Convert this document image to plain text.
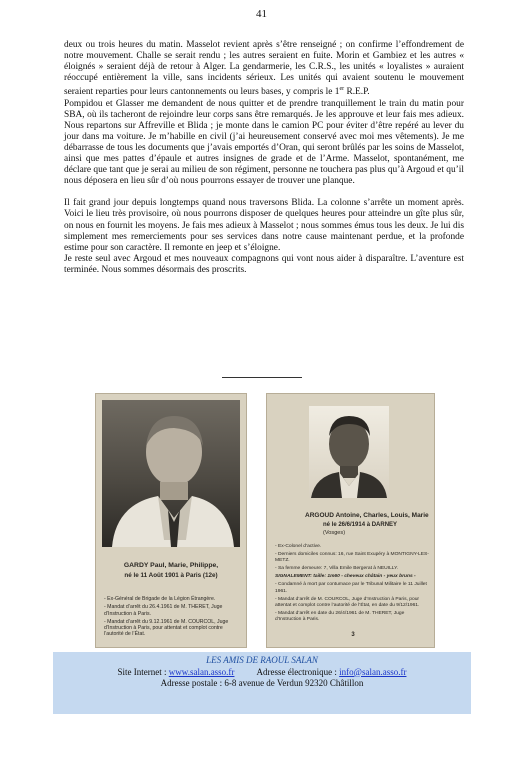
41

deux ou trois heures du matin. Masselot revient après s’être renseigné ; on confirme l’effondrement de notre mouvement. Challe se serait rendu ; les autres seraient en fuite. Morin et Gambiez et les autres « éloignés » seraient déjà de retour à Alger. La gendarmerie, les C.R.S., les unités « loyalistes » auraient réoccupé entièrement la ville, sans incidents sérieux. Les unités qui avaient soutenu le mouvement seraient reparties pour leurs cantonnements ou leurs bases, y compris le 1er R.E.P.

Pompidou et Glasser me demandent de nous quitter et de prendre tranquillement le train du matin pour SBA, où ils tacheront de rejoindre leur corps sans être remarqués. Je les approuve et leur fais mes adieux. Nous repartons sur Affreville et Blida ; je monte dans le camion PC pour éviter d’être repéré au lever du jour dans ma voiture. Je m’habille en civil (j’ai heureusement conservé avec moi mes vêtements). Je me débarrasse de tous les documents que j’avais emportés d’Oran, qui seront brûlés par les soins de Masselot, ainsi que mes pattes d’épaule et autres insignes de grade et de l’Arme. Masselot, spontanément, me déclare que tant que je serai au milieu de son régiment, personne ne touchera pas plus qu’à Argoud et qu’il nous déposera en lieu sûr d’où nous pourrons essayer de trouver une planque.

Il fait grand jour depuis longtemps quand nous traversons Blida. La colonne s’arrête un moment après. Voici le lieu très provisoire, où nous pourrons disposer de quelques heures pour atteindre un gîte plus sûr, on nous en fournit les moyens. Je fais mes adieux à Masselot ; nous sommes émus tous les deux. Je lui dis simplement mes remerciements pour ses services dans notre cause maintenant perdue, et la profonde estime pour son caractère. Il remonte en jeep et s’éloigne.

Je reste seul avec Argoud et mes nouveaux compagnons qui vont nous aider à disparaître. L’aventure est terminée. Nous sommes désormais des proscrits.

GARDY Paul, Marie, Philippe,
né le 11 Août 1901 à Paris (12e)
- Ex-Général de Brigade de la Légion Étrangère.
- Mandat d’arrêt du 26.4.1961 de M. THERET, Juge d’Instruction à Paris.
- Mandat d’arrêt du 9.12.1961 de M. COURCOL, Juge d’Instruction à Paris, pour attentat et complot contre l’autorité de l’État.
ARGOUD Antoine, Charles, Louis, Marie
né le 26/6/1914 à DARNEY
(Vosges)
- Ex-Colonel d’active.
- Derniers domiciles connus: 16, rue Saint Exupéry à MONTIGNY-LES-METZ.
- Sa femme demeure: 7, Villa Emile Bergerat à NEUILLY.
SIGNALEMENT: taille: 1m60 - cheveux châtain - yeux bruns -
- Condamné à mort par contumace par le Tribunal Militaire le 11 Juillet 1961.
- Mandat d’arrêt de M. COURCOL, Juge d’Instruction à Paris, pour attentat et complot contre l’autorité de l’État, en date du 9/12/1961.
- Mandat d’arrêt en date du 26/4/1961 de M. THERET, Juge d’Instruction à Paris.
3
LES AMIS DE RAOUL SALAN
Site Internet : www.salan.asso.fr Adresse électronique : info@salan.asso.fr
Adresse postale : 6-8 avenue de Verdun 92320 Châtillon
